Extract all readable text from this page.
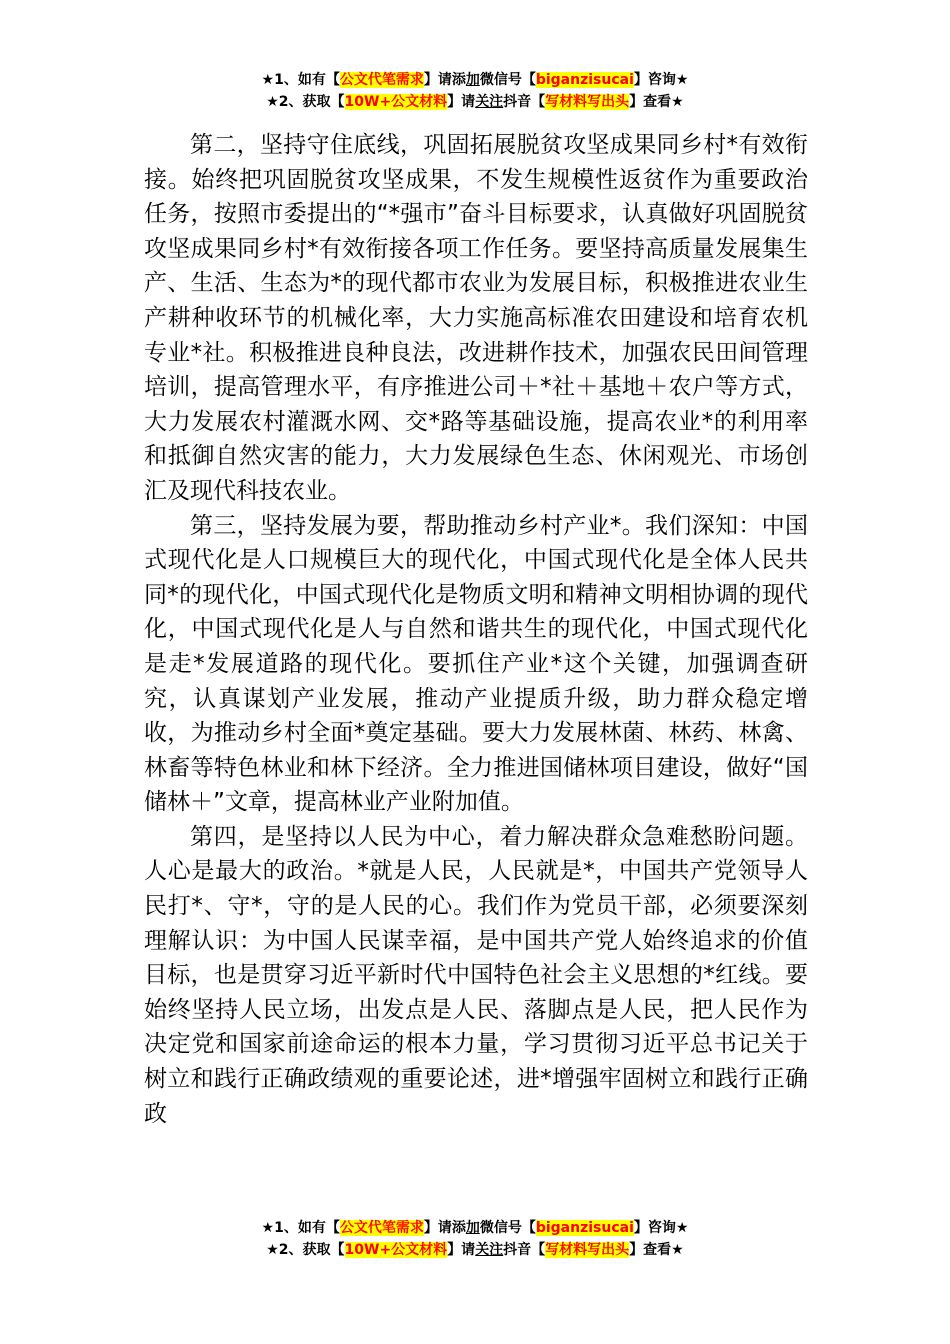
★1、如有【公文代笔需求】请添加微信号【biganzisucai】咨询★
★2、获取【10W+公文材料】请关注抖音【写材料写出头】查看★

第二，坚持守住底线，巩固拓展脱贫攻坚成果同乡村*有效衔接。始终把巩固脱贫攻坚成果，不发生规模性返贫作为重要政治任务，按照市委提出的“*强市”奋斗目标要求，认真做好巩固脱贫攻坚成果同乡村*有效衔接各项工作任务。要坚持高质量发展集生产、生活、生态为*的现代都市农业为发展目标，积极推进农业生产耕种收环节的机械化率，大力实施高标准农田建设和培育农机专业*社。积极推进良种良法，改进耕作技术，加强农民田间管理培训，提高管理水平，有序推进公司＋*社＋基地＋农户等方式，大力发展农村灌溉水网、交*路等基础设施，提高农业*的利用率和抵御自然灾害的能力，大力发展绿色生态、休闲观光、市场创汇及现代科技农业。

第三，坚持发展为要，帮助推动乡村产业*。我们深知：中国式现代化是人口规模巨大的现代化，中国式现代化是全体人民共同*的现代化，中国式现代化是物质文明和精神文明相协调的现代化，中国式现代化是人与自然和谐共生的现代化，中国式现代化是走*发展道路的现代化。要抓住产业*这个关键，加强调查研究，认真谋划产业发展，推动产业提质升级，助力群众稳定增收，为推动乡村全面*奠定基础。要大力发展林菌、林药、林禽、林畜等特色林业和林下经济。全力推进国储林项目建设，做好“国储林＋”文章，提高林业产业附加值。

第四，是坚持以人民为中心，着力解决群众急难愁盼问题。人心是最大的政治。*就是人民，人民就是*，中国共产党领导人民打*、守*，守的是人民的心。我们作为党员干部，必须要深刻理解认识：为中国人民谋幸福，是中国共产党人始终追求的价值目标，也是贯穿习近平新时代中国特色社会主义思想的*红线。要始终坚持人民立场，出发点是人民、落脚点是人民，把人民作为决定党和国家前途命运的根本力量，学习贯彻习近平总书记关于树立和践行正确政绩观的重要论述，进*增强牢固树立和践行正确政

★1、如有【公文代笔需求】请添加微信号【biganzisucai】咨询★
★2、获取【10W+公文材料】请关注抖音【写材料写出头】查看★
